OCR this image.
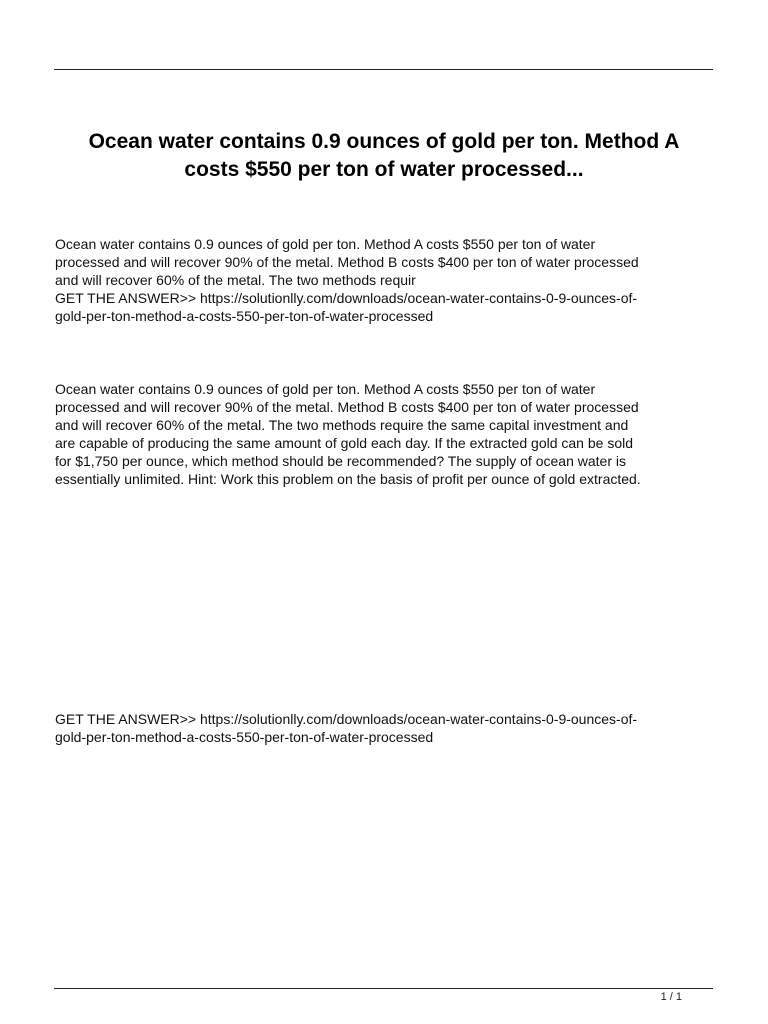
Ocean water contains 0.9 ounces of gold per ton. Method A
costs $550 per ton of water processed...

Ocean water contains 0.9 ounces of gold per ton. Method A costs $550 per ton of water
processed and will recover 90% of the metal. Method B costs $400 per ton of water processed
and will recover 60% of the metal. The two methods requir
GET THE ANSWER>> https://solutionlly.com/downloads/ocean-water-contains-0-9-ounces-of-
gold-per-ton-method-a-costs-550-per-ton-of-water-processed

Ocean water contains 0.9 ounces of gold per ton. Method A costs $550 per ton of water
processed and will recover 90% of the metal. Method B costs $400 per ton of water processed
and will recover 60% of the metal. The two methods require the same capital investment and
are capable of producing the same amount of gold each day. If the extracted gold can be sold
for $1,750 per ounce, which method should be recommended? The supply of ocean water is
essentially unlimited. Hint: Work this problem on the basis of profit per ounce of gold extracted.

GET THE ANSWER>> https://solutionlly.com/downloads/ocean-water-contains-0-9-ounces-of-
gold-per-ton-method-a-costs-550-per-ton-of-water-processed

1 / 1
